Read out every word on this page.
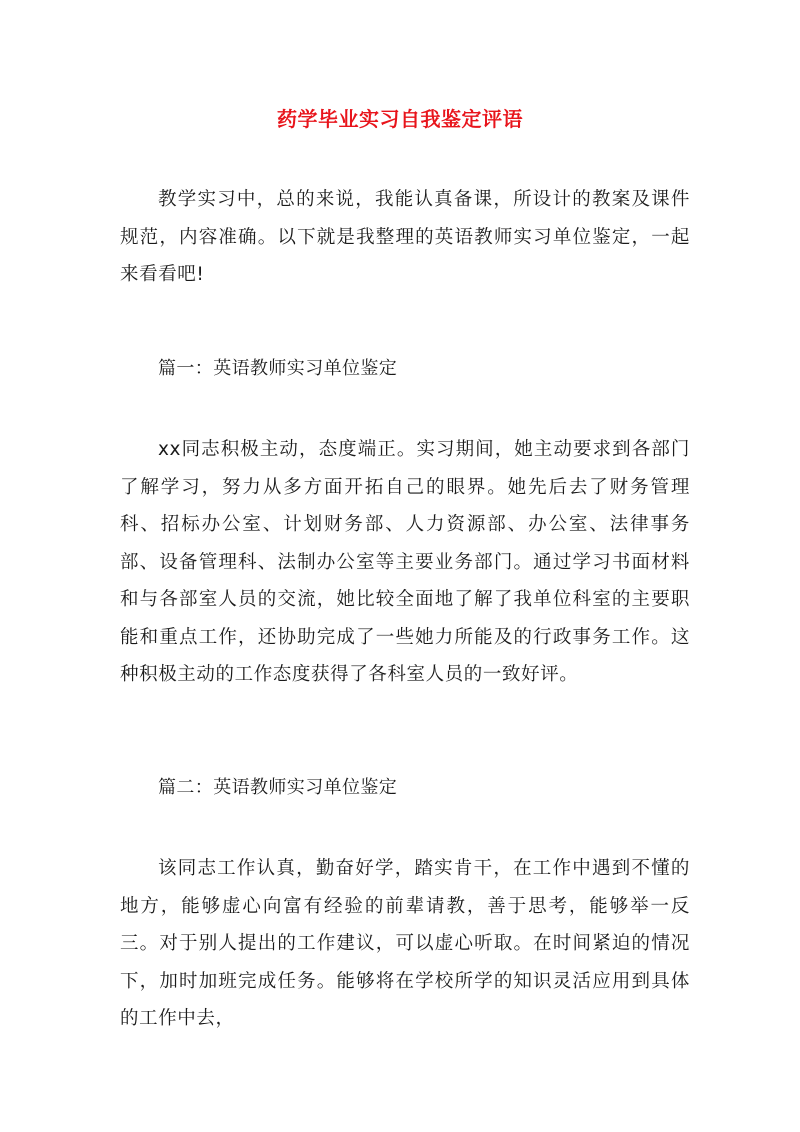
药学毕业实习自我鉴定评语

教学实习中，总的来说，我能认真备课，所设计的教案及课件规范，内容准确。以下就是我整理的英语教师实习单位鉴定，一起来看看吧!

篇一：英语教师实习单位鉴定

xx同志积极主动，态度端正。实习期间，她主动要求到各部门了解学习，努力从多方面开拓自己的眼界。她先后去了财务管理科、招标办公室、计划财务部、人力资源部、办公室、法律事务部、设备管理科、法制办公室等主要业务部门。通过学习书面材料和与各部室人员的交流，她比较全面地了解了我单位科室的主要职能和重点工作，还协助完成了一些她力所能及的行政事务工作。这种积极主动的工作态度获得了各科室人员的一致好评。

篇二：英语教师实习单位鉴定

该同志工作认真，勤奋好学，踏实肯干，在工作中遇到不懂的地方，能够虚心向富有经验的前辈请教，善于思考，能够举一反三。对于别人提出的工作建议，可以虚心听取。在时间紧迫的情况下，加时加班完成任务。能够将在学校所学的知识灵活应用到具体的工作中去，
